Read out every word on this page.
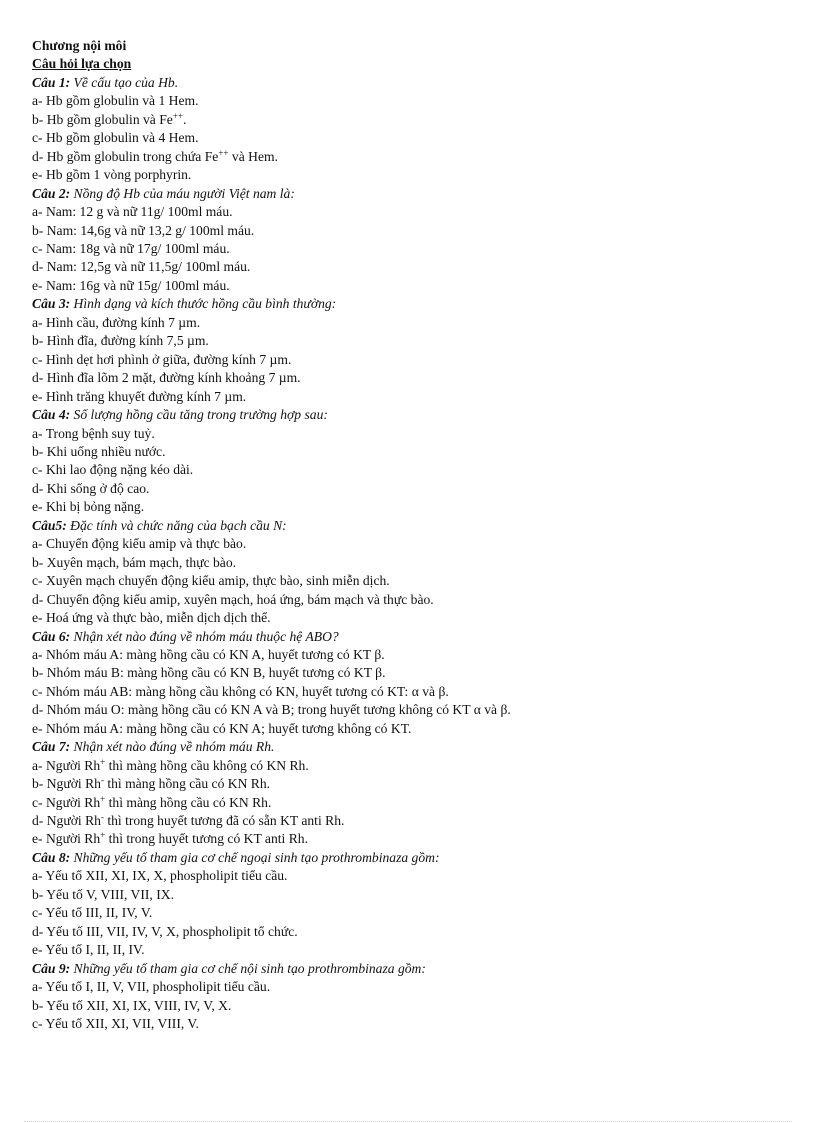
Chương nội môi
Câu hỏi lựa chọn
Câu 1: Về cấu tạo của Hb.
a- Hb gồm globulin và 1 Hem.
b- Hb gồm globulin và Fe++.
c- Hb gồm globulin và 4 Hem.
d- Hb gồm globulin trong chứa Fe++ và Hem.
e- Hb gồm 1 vòng porphyrin.
Câu 2: Nồng độ Hb của máu người Việt nam là:
a- Nam: 12 g và nữ 11g/ 100ml máu.
b- Nam: 14,6g và nữ 13,2 g/ 100ml máu.
c- Nam: 18g và nữ 17g/ 100ml máu.
d- Nam: 12,5g và nữ 11,5g/ 100ml máu.
e- Nam: 16g và nữ 15g/ 100ml máu.
Câu 3: Hình dạng và kích thước hồng cầu bình thường:
a- Hình cầu, đường kính 7 µm.
b- Hình đĩa, đường kính 7,5 µm.
c- Hình dẹt hơi phình ở giữa, đường kính 7 µm.
d- Hình đĩa lõm 2 mặt, đường kính khoảng 7 µm.
e- Hình trăng khuyết đường kính 7 µm.
Câu 4: Số lượng hồng cầu tăng trong trường hợp sau:
a- Trong bệnh suy tuỷ.
b- Khi uống nhiều nước.
c- Khi lao động nặng kéo dài.
d- Khi sống ở độ cao.
e- Khi bị bỏng nặng.
Câu5: Đặc tính và chức năng của bạch cầu N:
a- Chuyển động kiểu amip và thực bào.
b- Xuyên mạch, bám mạch, thực bào.
c- Xuyên mạch chuyển động kiểu amip, thực bào, sinh miễn dịch.
d- Chuyển động kiểu amip, xuyên mạch, hoá ứng, bám mạch và thực bào.
e- Hoá ứng và thực bào, miễn dịch dịch thể.
Câu 6: Nhận xét nào đúng về nhóm máu thuộc hệ ABO?
a- Nhóm máu A: màng hồng cầu có KN A, huyết tương có KT β.
b- Nhóm máu B: màng hồng cầu có KN B, huyết tương có KT β.
c- Nhóm máu AB: màng hồng cầu không có KN, huyết tương có KT: α và β.
d- Nhóm máu O: màng hồng cầu có KN A và B; trong huyết tương không có KT α và β.
e- Nhóm máu A: màng hồng cầu có KN A; huyết tương không có KT.
Câu 7: Nhận xét nào đúng về nhóm máu Rh.
a- Người Rh+ thì màng hồng cầu không có KN Rh.
b- Người Rh- thì màng hồng cầu có KN Rh.
c- Người Rh+ thì màng hồng cầu có KN Rh.
d- Người Rh- thì trong huyết tương đã có sẵn KT anti Rh.
e- Người Rh+ thì trong huyết tương có KT anti Rh.
Câu 8: Những yếu tố tham gia cơ chế ngoại sinh tạo prothrombinaza gồm:
a- Yếu tố XII, XI, IX, X, phospholipit tiểu cầu.
b- Yếu tố V, VIII, VII, IX.
c- Yếu tố III, II, IV, V.
d- Yếu tố III, VII, IV, V, X, phospholipit tổ chức.
e- Yếu tố I, II, II, IV.
Câu 9: Những yếu tố tham gia cơ chế nội sinh tạo prothrombinaza gồm:
a- Yếu tố I, II, V, VII, phospholipit tiểu cầu.
b- Yếu tố XII, XI, IX, VIII, IV, V, X.
c- Yếu tố XII, XI, VII, VIII, V.
